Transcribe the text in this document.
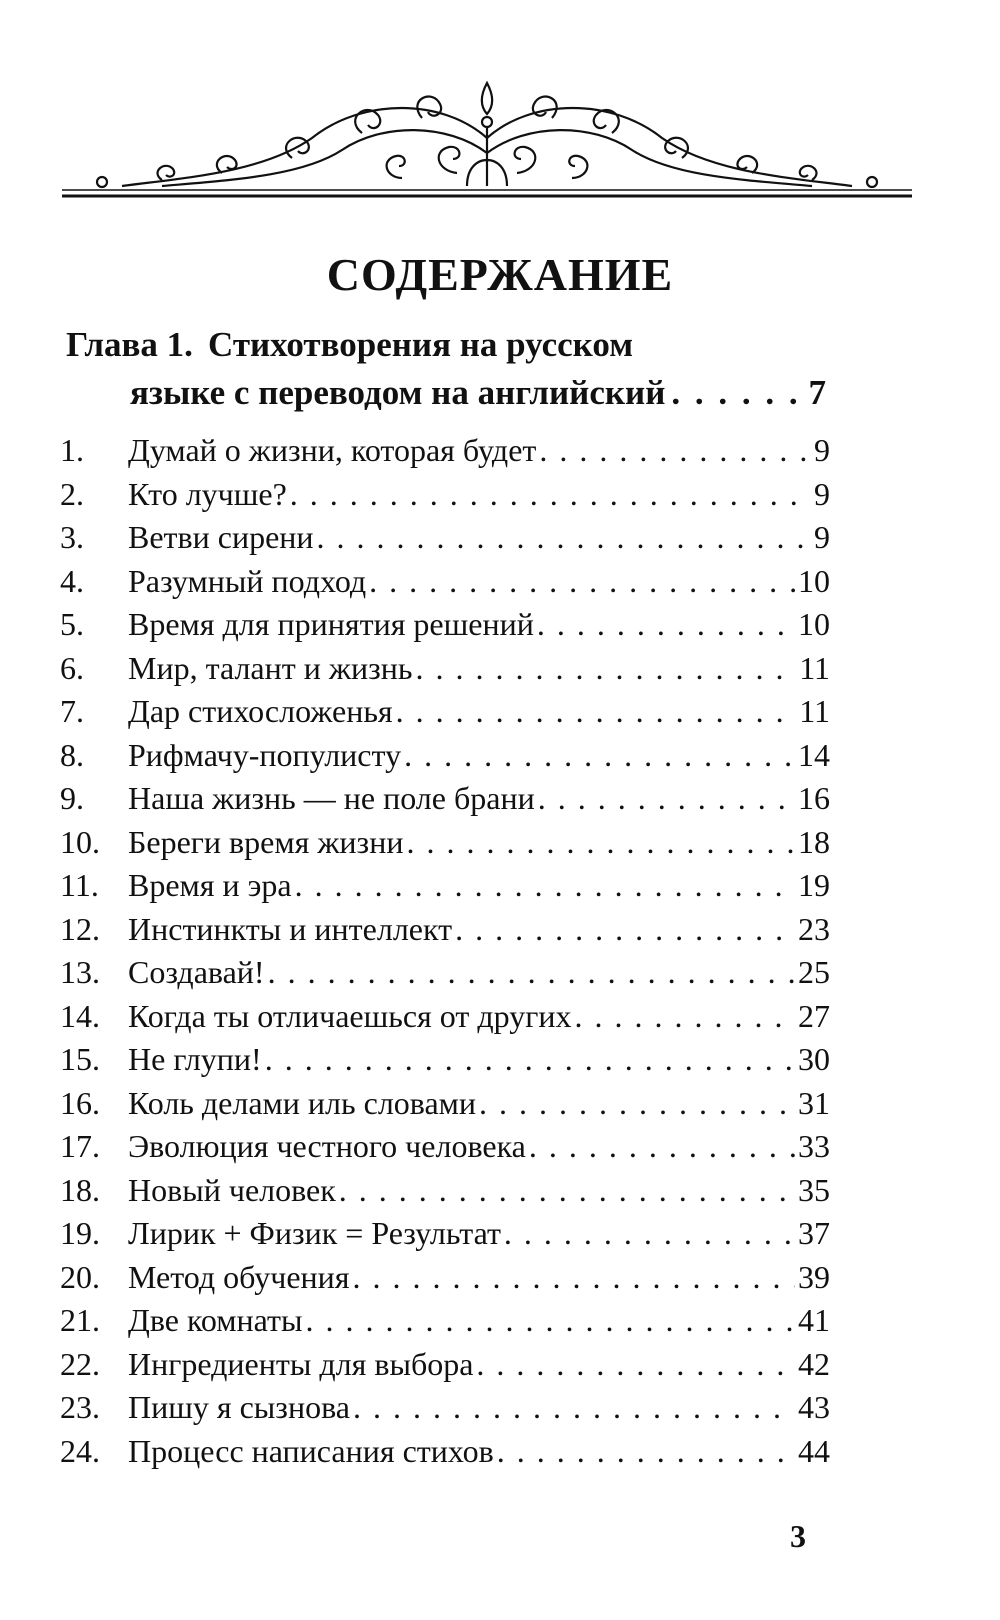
СОДЕРЖАНИЕ
Глава 1. Стихотворения на русском
языке с переводом на английский . . .	7
1.	Думай о жизни, которая будет . . .	9
2.	Кто лучше? . . .	9
3.	Ветви сирени . . .	9
4.	Разумный подход . . .	10
5.	Время для принятия решений . . .	10
6.	Мир, талант и жизнь . . .	11
7.	Дар стихосложенья . . .	11
8.	Рифмачу-популисту . . .	14
9.	Наша жизнь — не поле брани . . .	16
10. Береги время жизни . . .	18
11. Время и эра . . .	19
12. Инстинкты и интеллект . . .	23
13. Создавай! . . .	25
14. Когда ты отличаешься от других . . .	27
15. Не глупи! . . .	30
16. Коль делами иль словами . . .	31
17. Эволюция честного человека . . .	33
18. Новый человек . . .	35
19. Лирик + Физик = Результат . . .	37
20. Метод обучения . . .	39
21. Две комнаты . . .	41
22. Ингредиенты для выбора . . .	42
23. Пишу я сызнова . . .	43
24. Процесс написания стихов . . .	44
3
